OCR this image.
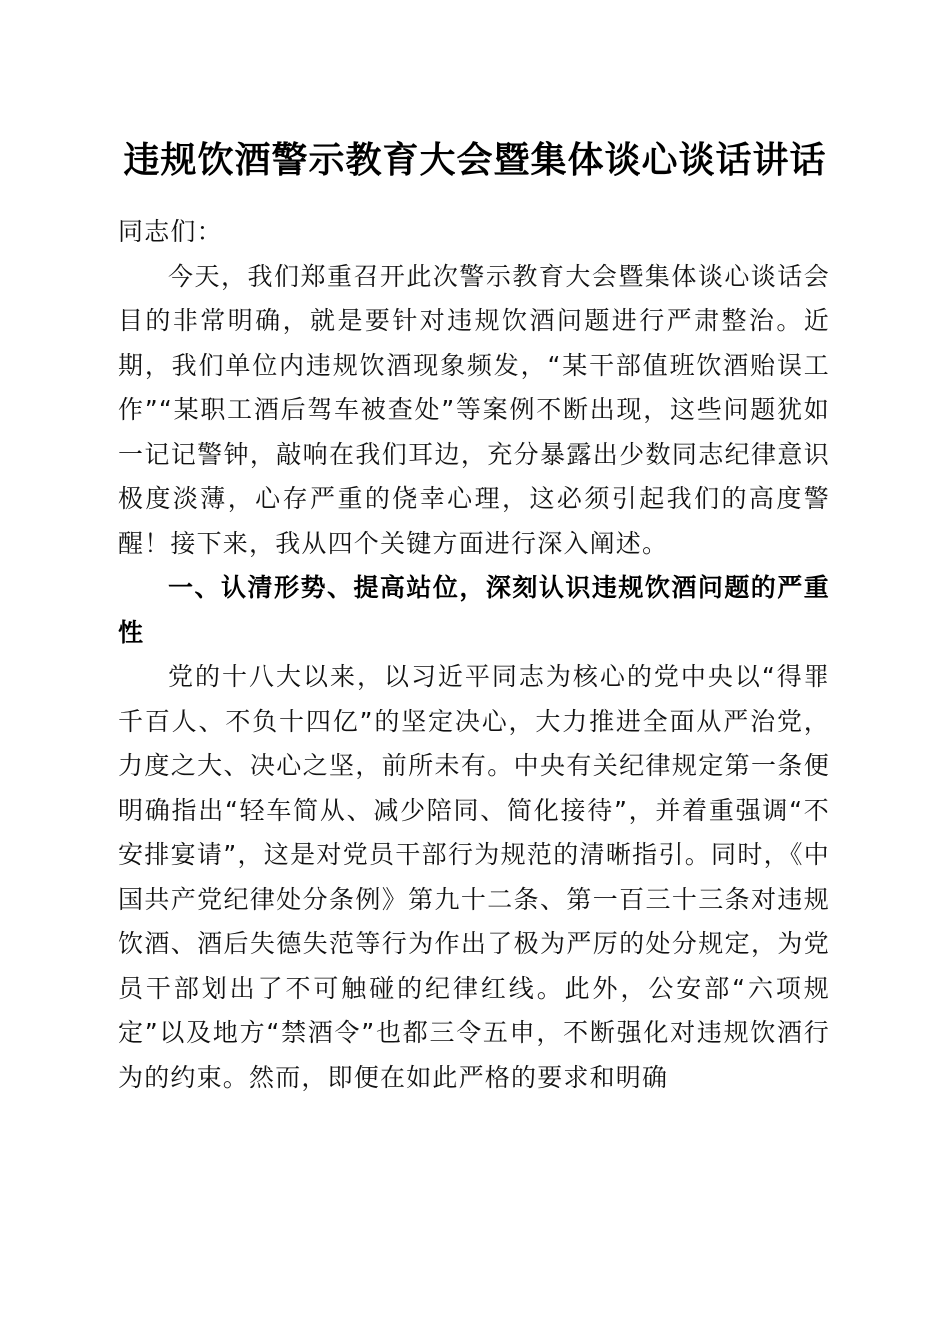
违规饮酒警示教育大会暨集体谈心谈话讲话

同志们：

今天，我们郑重召开此次警示教育大会暨集体谈心谈话会目的非常明确，就是要针对违规饮酒问题进行严肃整治。近期，我们单位内违规饮酒现象频发，“某干部值班饮酒贻误工作”“某职工酒后驾车被查处”等案例不断出现，这些问题犹如一记记警钟，敲响在我们耳边，充分暴露出少数同志纪律意识极度淡薄，心存严重的侥幸心理，这必须引起我们的高度警醒！接下来，我从四个关键方面进行深入阐述。

一、认清形势、提高站位，深刻认识违规饮酒问题的严重性

党的十八大以来，以习近平同志为核心的党中央以“得罪千百人、不负十四亿”的坚定决心，大力推进全面从严治党，力度之大、决心之坚，前所未有。中央有关纪律规定第一条便明确指出“轻车简从、减少陪同、简化接待”，并着重强调“不安排宴请”，这是对党员干部行为规范的清晰指引。同时，《中国共产党纪律处分条例》第九十二条、第一百三十三条对违规饮酒、酒后失德失范等行为作出了极为严厉的处分规定，为党员干部划出了不可触碰的纪律红线。此外，公安部“六项规定”以及地方“禁酒令”也都三令五申，不断强化对违规饮酒行为的约束。然而，即便在如此严格的要求和明确
